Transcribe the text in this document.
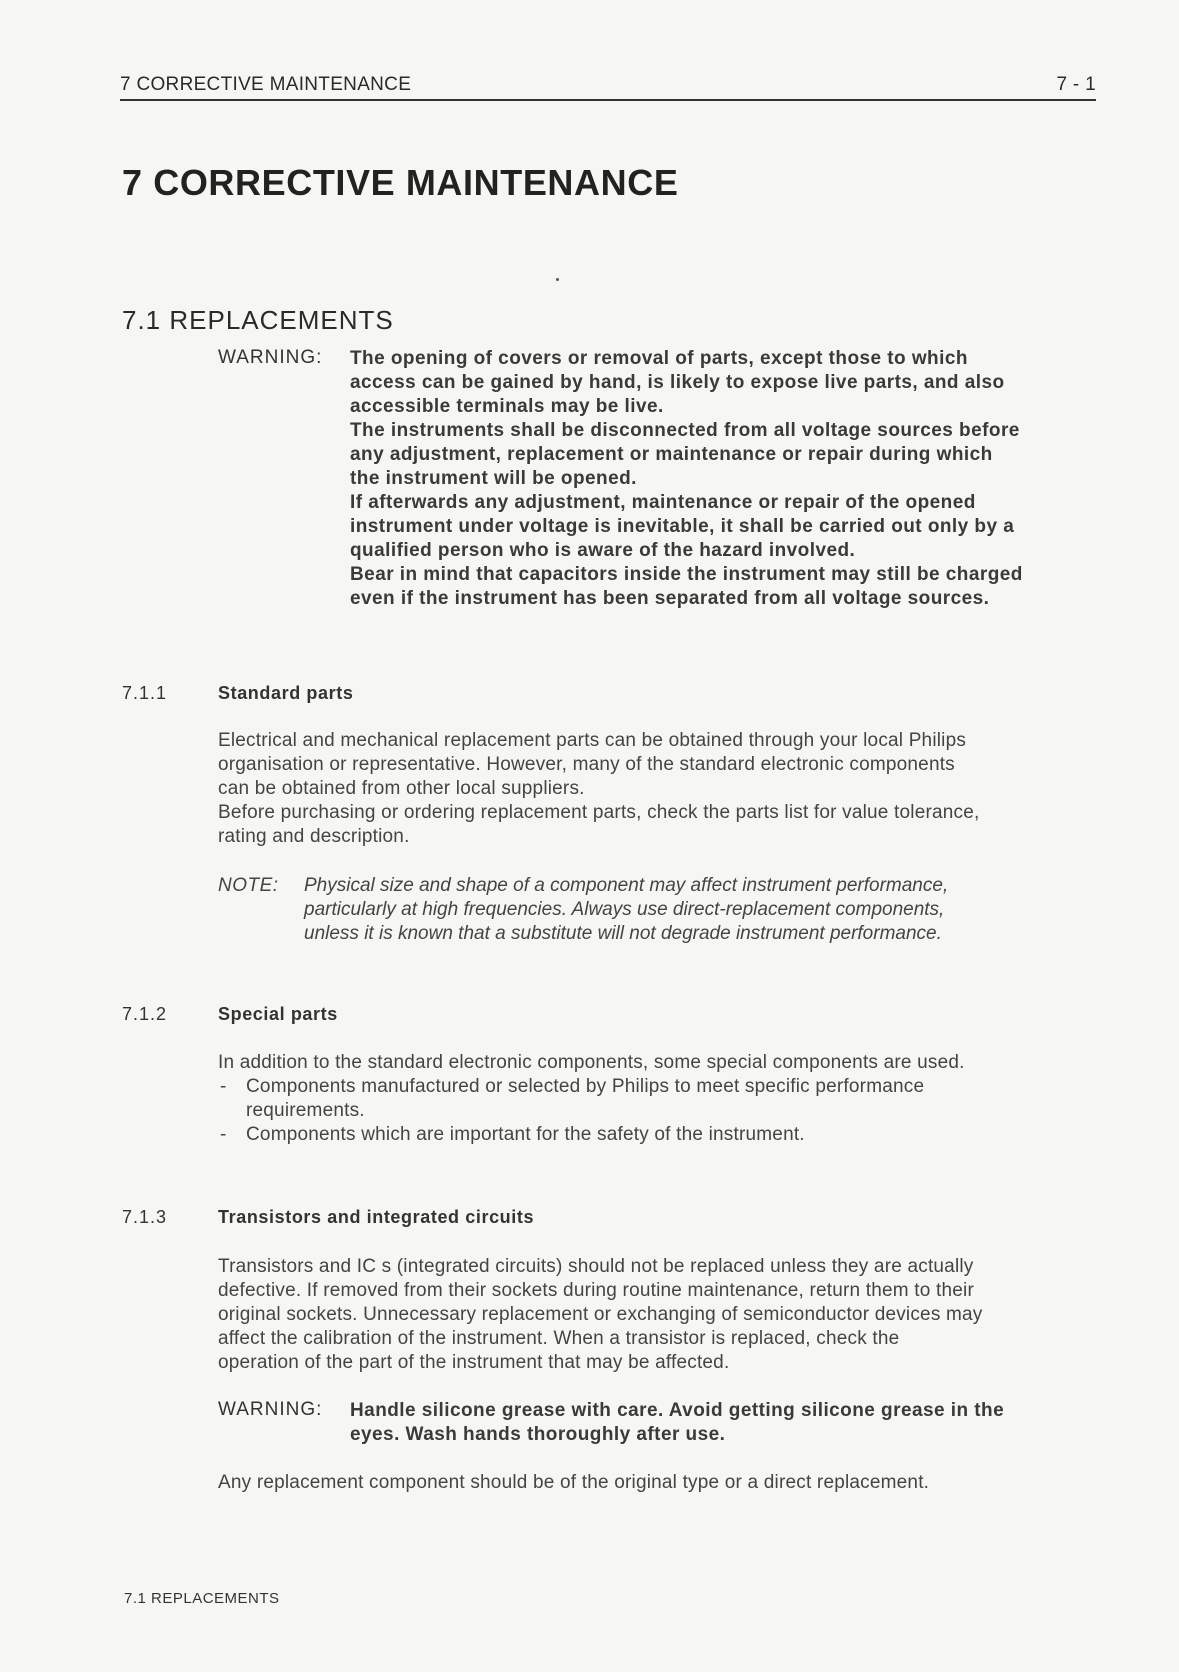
7 CORRECTIVE MAINTENANCE	7 - 1
7 CORRECTIVE MAINTENANCE
7.1 REPLACEMENTS
WARNING: The opening of covers or removal of parts, except those to which
access can be gained by hand, is likely to expose live parts, and also
accessible terminals may be live.
The instruments shall be disconnected from all voltage sources before
any adjustment, replacement or maintenance or repair during which
the instrument will be opened.
If afterwards any adjustment, maintenance or repair of the opened
instrument under voltage is inevitable, it shall be carried out only by a
qualified person who is aware of the hazard involved.
Bear in mind that capacitors inside the instrument may still be charged
even if the instrument has been separated from all voltage sources.
7.1.1	Standard parts
Electrical and mechanical replacement parts can be obtained through your local Philips
organisation or representative. However, many of the standard electronic components
can be obtained from other local suppliers.
Before purchasing or ordering replacement parts, check the parts list for value tolerance,
rating and description.
NOTE: Physical size and shape of a component may affect instrument performance,
particularly at high frequencies. Always use direct-replacement components,
unless it is known that a substitute will not degrade instrument performance.
7.1.2	Special parts
In addition to the standard electronic components, some special components are used.
- Components manufactured or selected by Philips to meet specific performance
requirements.
- Components which are important for the safety of the instrument.
7.1.3	Transistors and integrated circuits
Transistors and IC s (integrated circuits) should not be replaced unless they are actually
defective. If removed from their sockets during routine maintenance, return them to their
original sockets. Unnecessary replacement or exchanging of semiconductor devices may
affect the calibration of the instrument. When a transistor is replaced, check the
operation of the part of the instrument that may be affected.
WARNING: Handle silicone grease with care. Avoid getting silicone grease in the
eyes. Wash hands thoroughly after use.
Any replacement component should be of the original type or a direct replacement.
7.1 REPLACEMENTS
